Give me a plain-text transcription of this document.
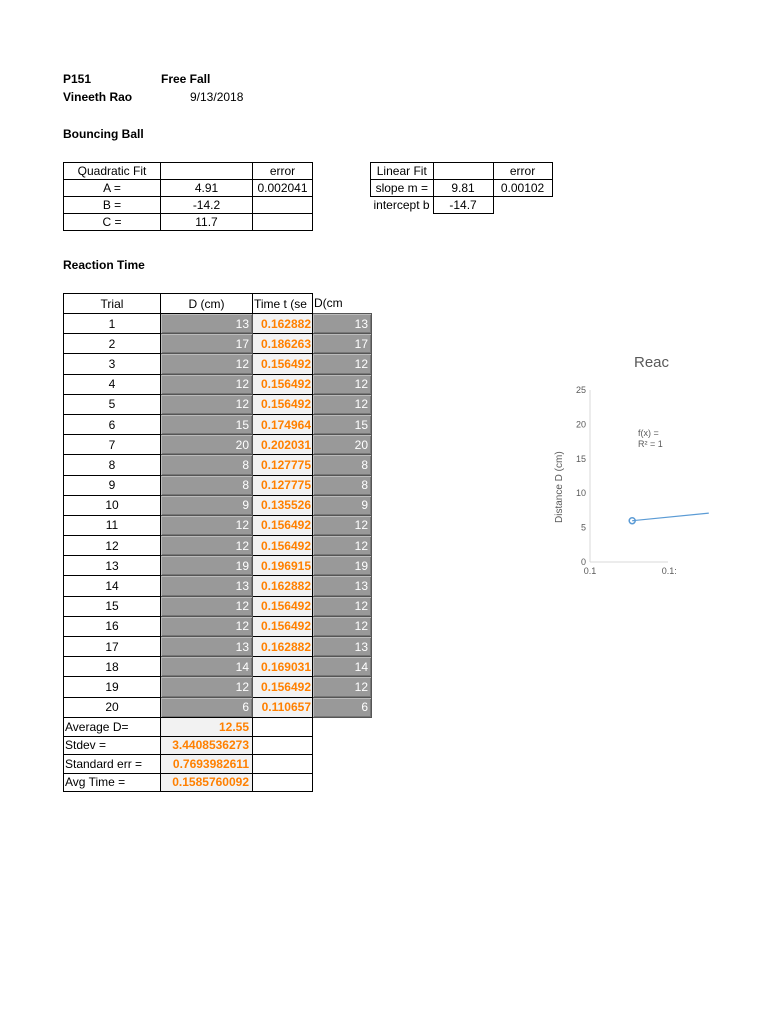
P151	Free Fall
Vineeth Rao	9/13/2018
Bouncing Ball
Quadratic Fit		error
A =	4.91	0.002041
B =	-14.2	
C =	11.7	
Linear Fit		error
slope m =	9.81	0.00102
intercept b	-14.7	
Reaction Time
Trial	D (cm)	Time t (se	D(cm
1	13	0.162882	13
2	17	0.186263	17
3	12	0.156492	12
4	12	0.156492	12
5	12	0.156492	12
6	15	0.174964	15
7	20	0.202031	20
8	8	0.127775	8
9	8	0.127775	8
10	9	0.135526	9
11	12	0.156492	12
12	12	0.156492	12
13	19	0.196915	19
14	13	0.162882	13
15	12	0.156492	12
16	12	0.156492	12
17	13	0.162882	13
18	14	0.169031	14
19	12	0.156492	12
20	6	0.110657	6
Average D=	12.55	
Stdev =	3.4408536273	
Standard err =	0.7693982611	
Avg Time =	0.1585760092	
Reac
Distance D (cm)
0
5
10
15
20
25
0.1	0.1:
f(x) =
R² = 1
